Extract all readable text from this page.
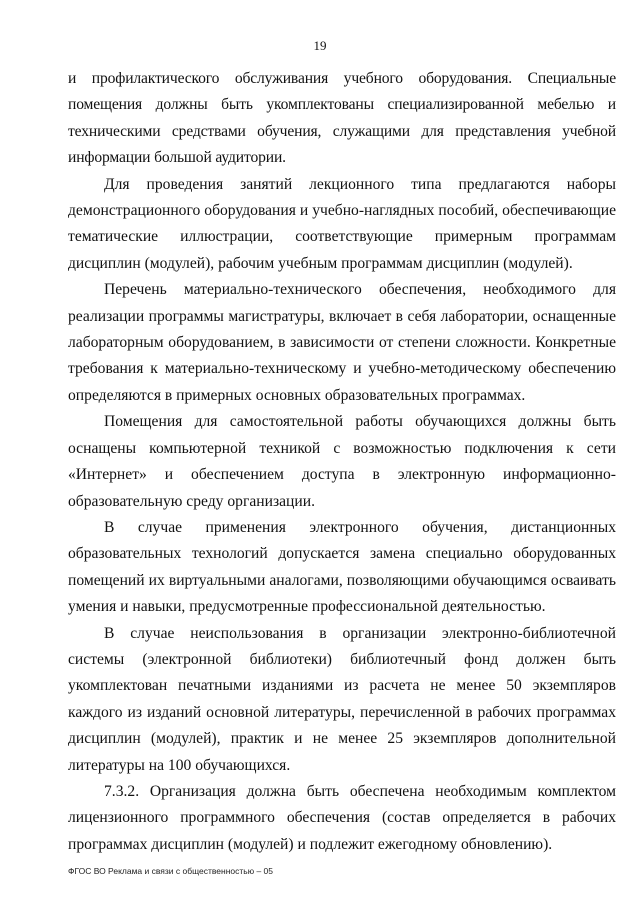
19

и профилактического обслуживания учебного оборудования. Специальные помещения должны быть укомплектованы специализированной мебелью и техническими средствами обучения, служащими для представления учебной информации большой аудитории.

Для проведения занятий лекционного типа предлагаются наборы демонстрационного оборудования и учебно-наглядных пособий, обеспечивающие тематические иллюстрации, соответствующие примерным программам дисциплин (модулей), рабочим учебным программам дисциплин (модулей).

Перечень материально-технического обеспечения, необходимого для реализации программы магистратуры, включает в себя лаборатории, оснащенные лабораторным оборудованием, в зависимости от степени сложности. Конкретные требования к материально-техническому и учебно-методическому обеспечению определяются в примерных основных образовательных программах.

Помещения для самостоятельной работы обучающихся должны быть оснащены компьютерной техникой с возможностью подключения к сети «Интернет» и обеспечением доступа в электронную информационно-образовательную среду организации.

В случае применения электронного обучения, дистанционных образовательных технологий допускается замена специально оборудованных помещений их виртуальными аналогами, позволяющими обучающимся осваивать умения и навыки, предусмотренные профессиональной деятельностью.

В случае неиспользования в организации электронно-библиотечной системы (электронной библиотеки) библиотечный фонд должен быть укомплектован печатными изданиями из расчета не менее 50 экземпляров каждого из изданий основной литературы, перечисленной в рабочих программах дисциплин (модулей), практик и не менее 25 экземпляров дополнительной литературы на 100 обучающихся.

7.3.2. Организация должна быть обеспечена необходимым комплектом лицензионного программного обеспечения (состав определяется в рабочих программах дисциплин (модулей) и подлежит ежегодному обновлению).

ФГОС ВО Реклама и связи с общественностью – 05
